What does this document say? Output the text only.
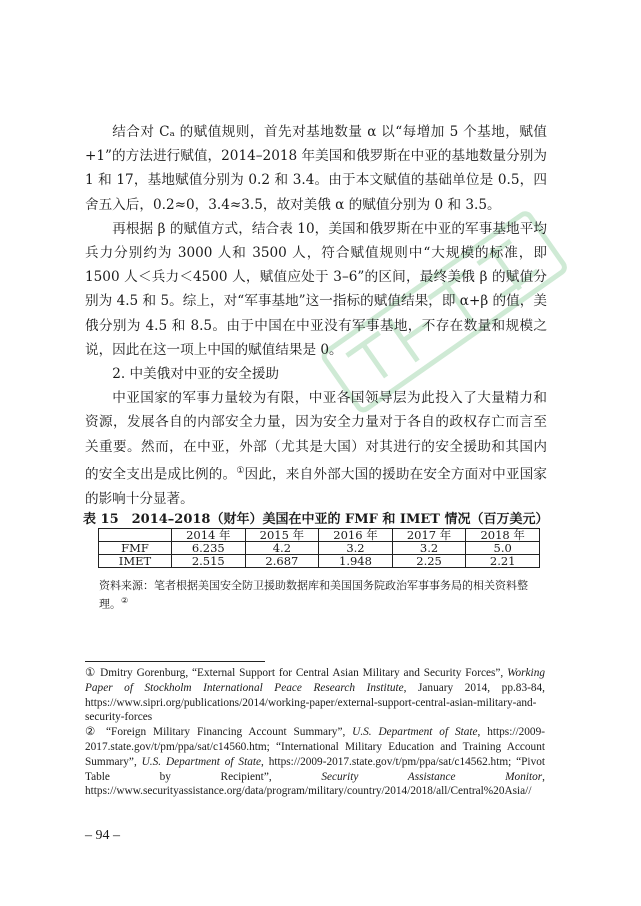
结合对 Cₐ 的赋值规则，首先对基地数量 α 以“每增加 5 个基地，赋值 +1”的方法进行赋值，2014–2018 年美国和俄罗斯在中亚的基地数量分别为 1 和 17，基地赋值分别为 0.2 和 3.4。由于本文赋值的基础单位是 0.5，四舍五入后，0.2≈0，3.4≈3.5，故对美俄 α 的赋值分别为 0 和 3.5。

再根据 β 的赋值方式，结合表 10，美国和俄罗斯在中亚的军事基地平均兵力分别约为 3000 人和 3500 人，符合赋值规则中“大规模的标准，即 1500 人＜兵力＜4500 人，赋值应处于 3–6”的区间，最终美俄 β 的赋值分别为 4.5 和 5。综上，对“军事基地”这一指标的赋值结果，即 α+β 的值，美俄分别为 4.5 和 8.5。由于中国在中亚没有军事基地，不存在数量和规模之说，因此在这一项上中国的赋值结果是 0。

2. 中美俄对中亚的安全援助

中亚国家的军事力量较为有限，中亚各国领导层为此投入了大量精力和资源，发展各自的内部安全力量，因为安全力量对于各自的政权存亡而言至关重要。然而，在中亚，外部（尤其是大国）对其进行的安全援助和其国内的安全支出是成比例的。①因此，来自外部大国的援助在安全方面对中亚国家的影响十分显著。

表 15　2014–2018（财年）美国在中亚的 FMF 和 IMET 情况（百万美元）
	2014 年	2015 年	2016 年	2017 年	2018 年
FMF	6.235	4.2	3.2	3.2	5.0
IMET	2.515	2.687	1.948	2.25	2.21
资料来源：笔者根据美国安全防卫援助数据库和美国国务院政治军事事务局的相关资料整理。②

① Dmitry Gorenburg, “External Support for Central Asian Military and Security Forces”, Working Paper of Stockholm International Peace Research Institute, January 2014, pp.83-84, https://www.sipri.org/publications/2014/working-paper/external-support-central-asian-military-and-security-forces

② “Foreign Military Financing Account Summary”, U.S. Department of State, https://2009-2017.state.gov/t/pm/ppa/sat/c14560.htm; “International Military Education and Training Account Summary”, U.S. Department of State, https://2009-2017.state.gov/t/pm/ppa/sat/c14562.htm; “Pivot Table by Recipient”, Security Assistance Monitor, https://www.securityassistance.org/data/program/military/country/2014/2018/all/Central%20Asia//

– 94 –
